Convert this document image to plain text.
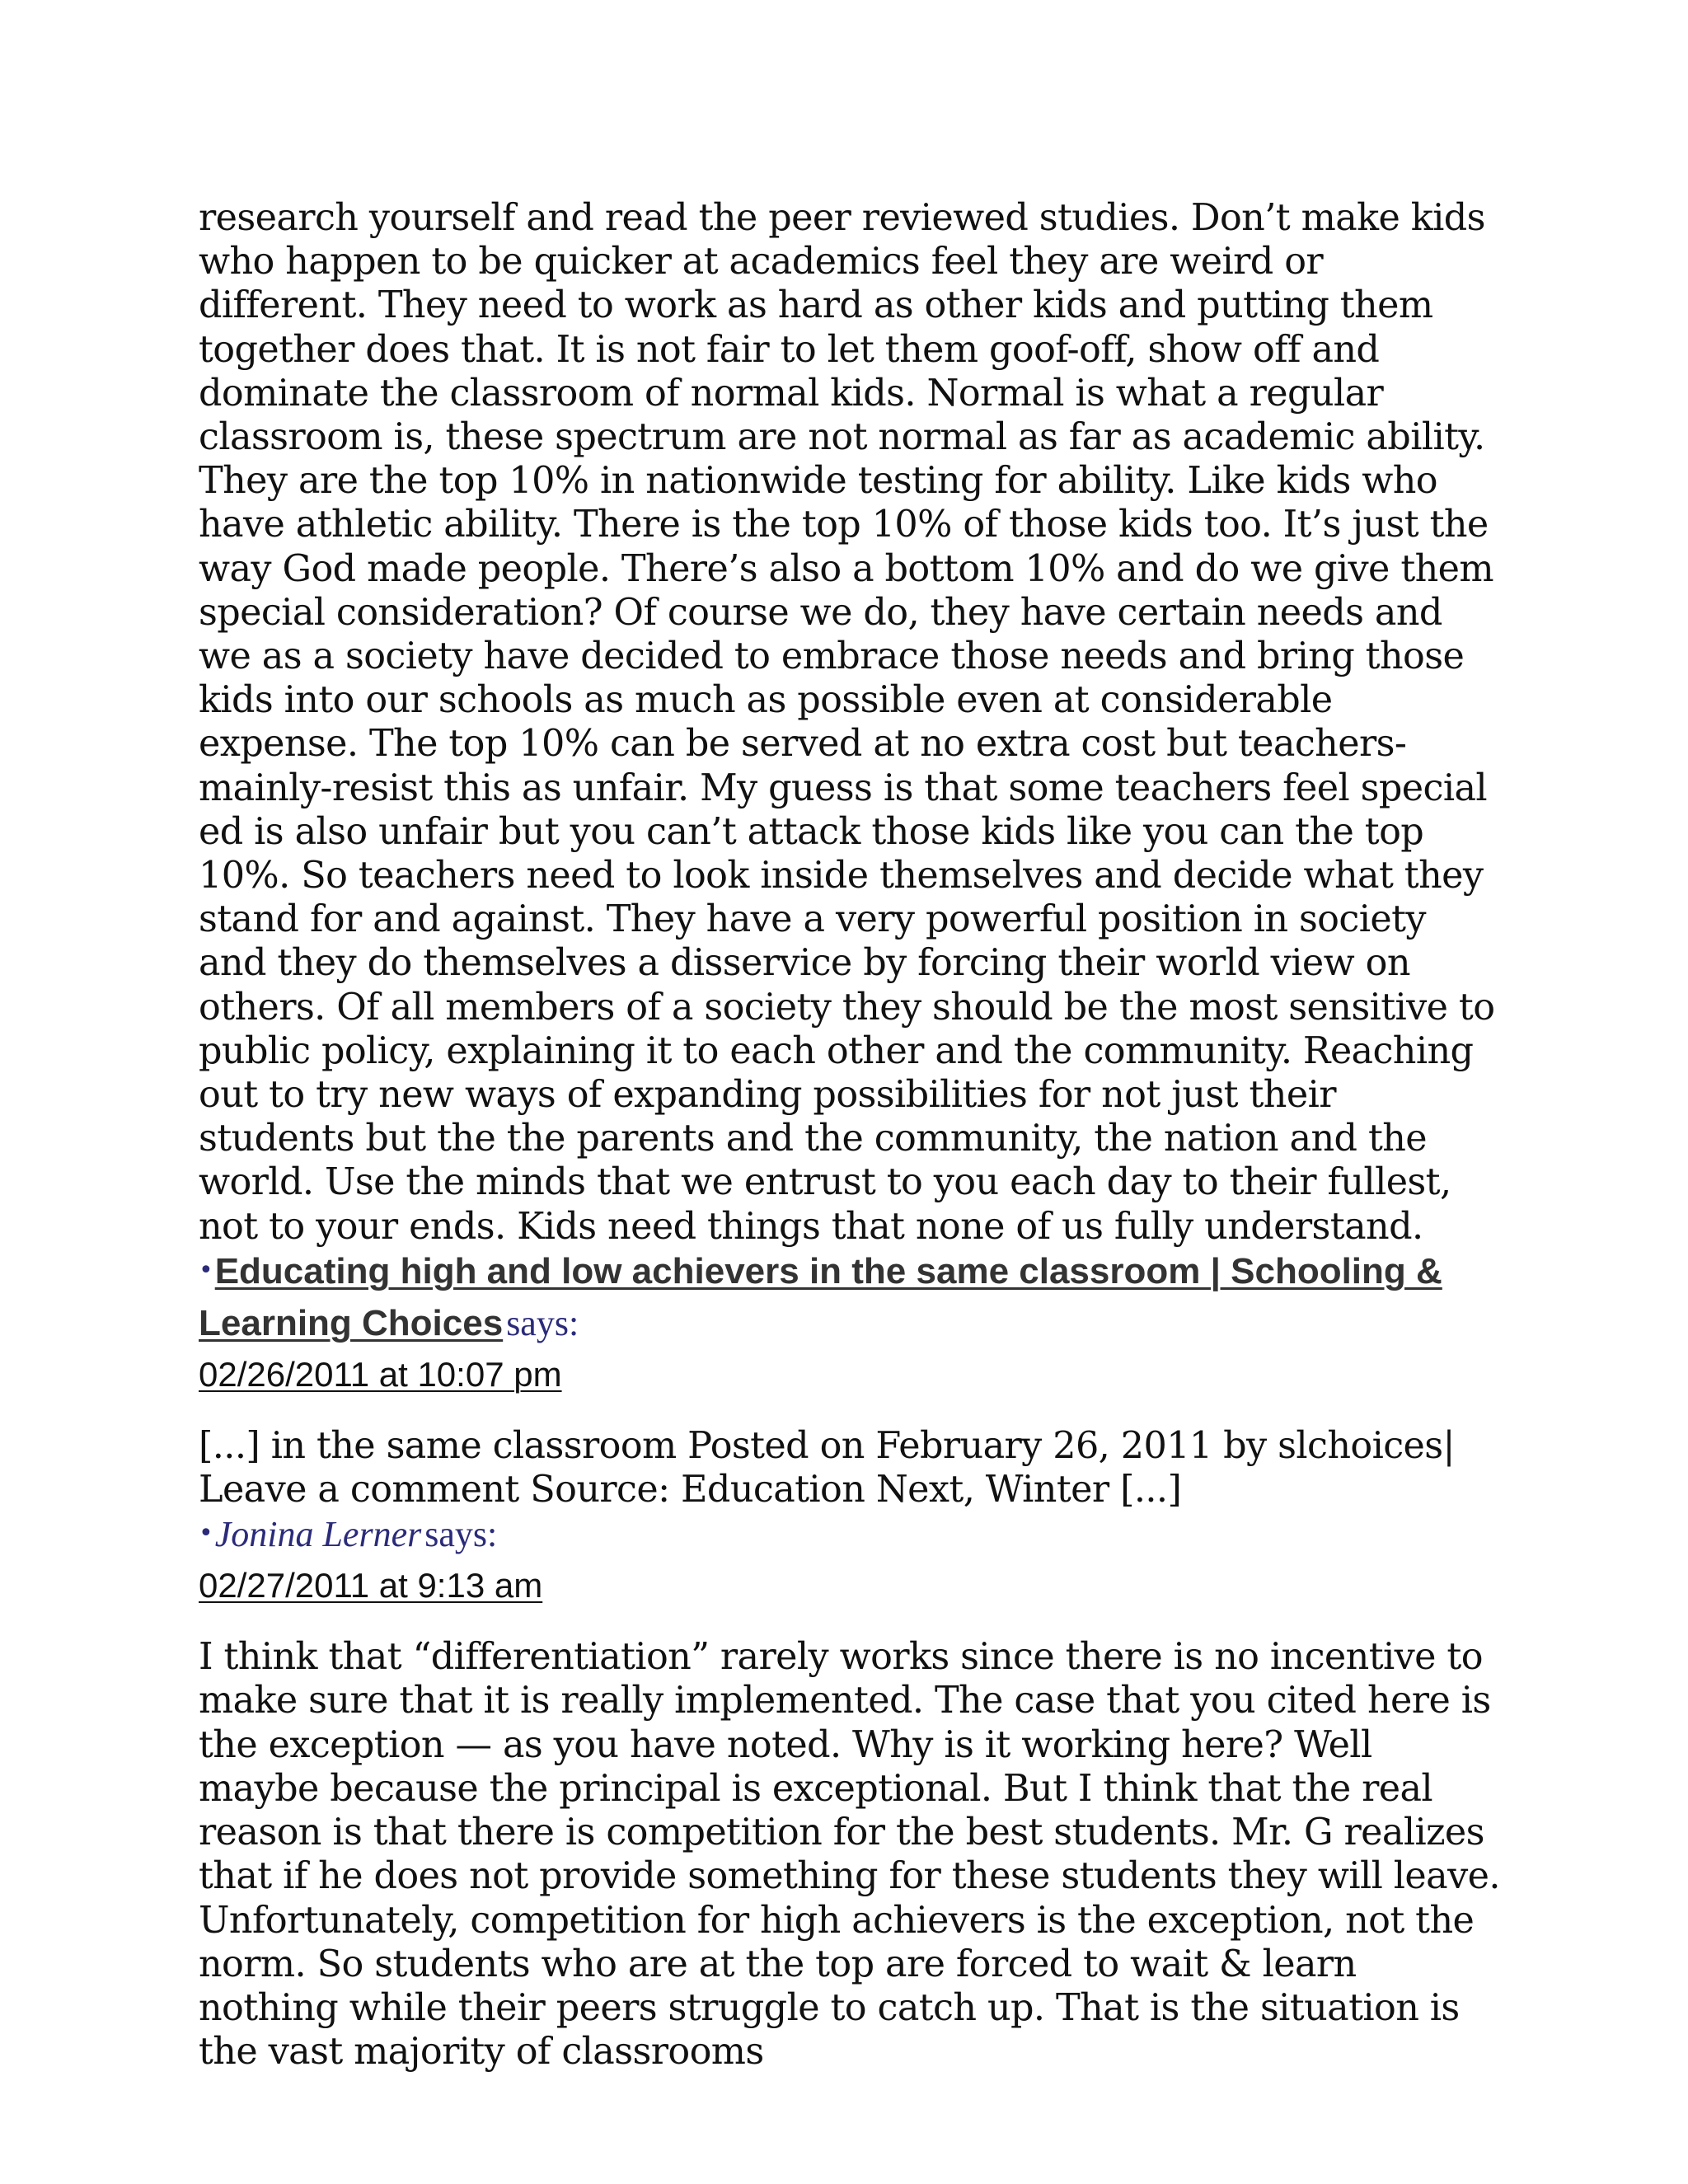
research yourself and read the peer reviewed studies. Don’t make kids who happen to be quicker at academics feel they are weird or different. They need to work as hard as other kids and putting them together does that. It is not fair to let them goof-off, show off and dominate the classroom of normal kids. Normal is what a regular classroom is, these spectrum are not normal as far as academic ability. They are the top 10% in nationwide testing for ability. Like kids who have athletic ability. There is the top 10% of those kids too. It’s just the way God made people. There’s also a bottom 10% and do we give them special consideration? Of course we do, they have certain needs and we as a society have decided to embrace those needs and bring those kids into our schools as much as possible even at considerable expense. The top 10% can be served at no extra cost but teachers-mainly-resist this as unfair. My guess is that some teachers feel special ed is also unfair but you can’t attack those kids like you can the top 10%. So teachers need to look inside themselves and decide what they stand for and against. They have a very powerful position in society and they do themselves a disservice by forcing their world view on others. Of all members of a society they should be the most sensitive to public policy, explaining it to each other and the community. Reaching out to try new ways of expanding possibilities for not just their students but the the parents and the community, the nation and the world. Use the minds that we entrust to you each day to their fullest, not to your ends. Kids need things that none of us fully understand.

•Educating high and low achievers in the same classroom | Schooling & Learning Choices says:
02/26/2011 at 10:07 pm

[...] in the same classroom Posted on February 26, 2011 by slchoices| Leave a comment Source: Education Next, Winter [...]

•Jonina Lerner says:
02/27/2011 at 9:13 am

I think that “differentiation” rarely works since there is no incentive to make sure that it is really implemented. The case that you cited here is the exception — as you have noted. Why is it working here? Well maybe because the principal is exceptional. But I think that the real reason is that there is competition for the best students. Mr. G realizes that if he does not provide something for these students they will leave. Unfortunately, competition for high achievers is the exception, not the norm. So students who are at the top are forced to wait & learn nothing while their peers struggle to catch up. That is the situation is the vast majority of classrooms
